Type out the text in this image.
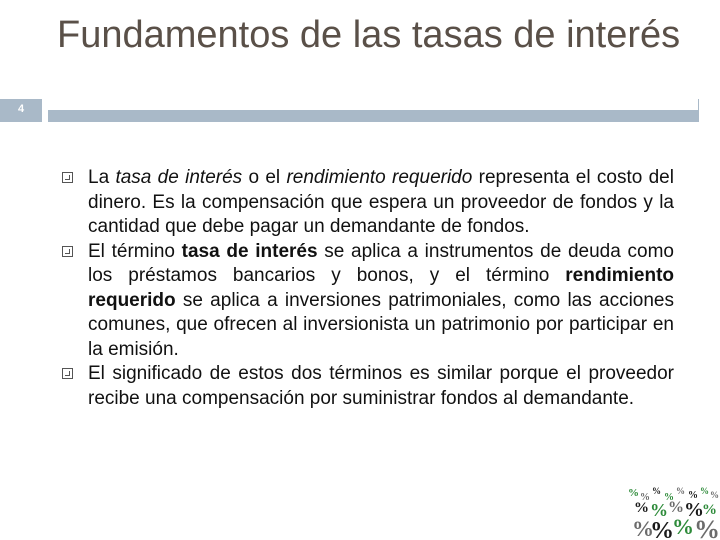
Fundamentos de las tasas de interés
4
La tasa de interés o el rendimiento requerido representa el costo del dinero. Es la compensación que espera un proveedor de fondos y la cantidad que debe pagar un demandante de fondos.
El término tasa de interés se aplica a instrumentos de deuda como los préstamos bancarios y bonos, y el término rendimiento requerido se aplica a inversiones patrimoniales, como las acciones comunes, que ofrecen al inversionista un patrimonio por participar en la emisión.
El significado de estos dos términos es similar porque el proveedor recibe una compensación por suministrar fondos al demandante.
% %
%
%
% % % %
% % % %
%
%
%
% %
